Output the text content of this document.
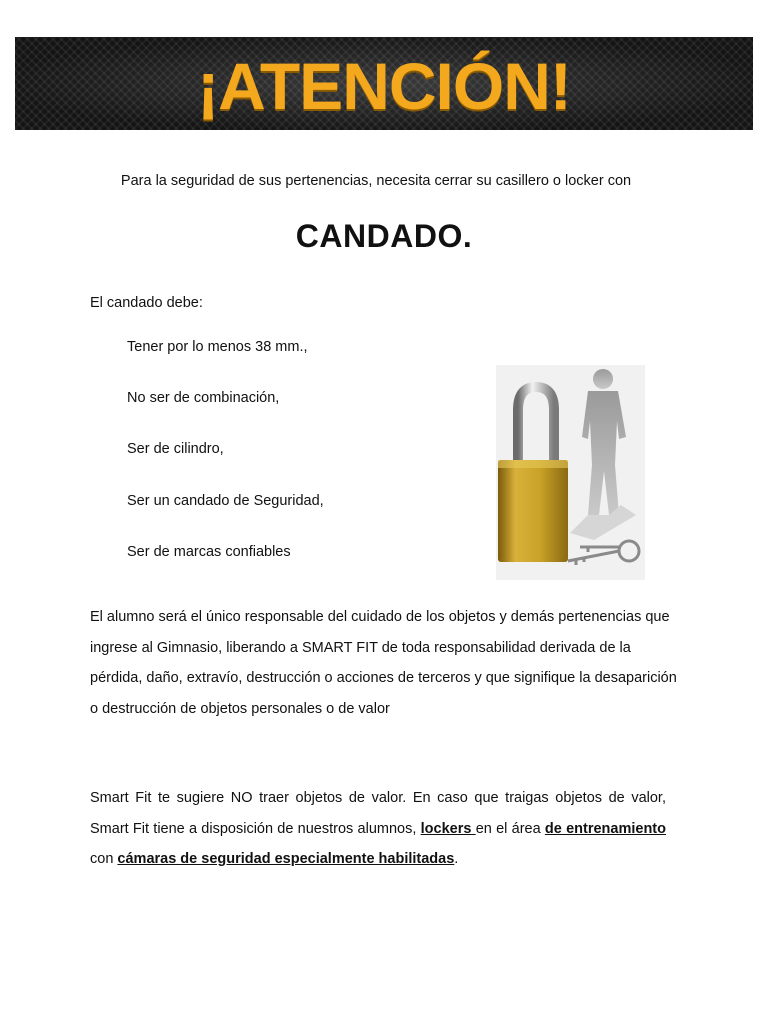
¡ATENCIÓN!
Para la seguridad de sus pertenencias, necesita cerrar su casillero o locker con
CANDADO.
El candado debe:
Tener por lo menos 38 mm.,
No ser de combinación,
Ser de cilindro,
Ser un candado de Seguridad,
Ser de marcas confiables
El alumno será el único responsable del cuidado de los objetos y demás pertenencias que ingrese al Gimnasio, liberando a SMART FIT de toda responsabilidad derivada de la pérdida, daño, extravío, destrucción o acciones de terceros y que signifique la desaparición o destrucción de objetos personales o de valor
Smart Fit te sugiere NO traer objetos de valor. En caso que traigas objetos de valor, Smart Fit tiene a disposición de nuestros alumnos, lockers en el área de entrenamiento con cámaras de seguridad especialmente habilitadas.
